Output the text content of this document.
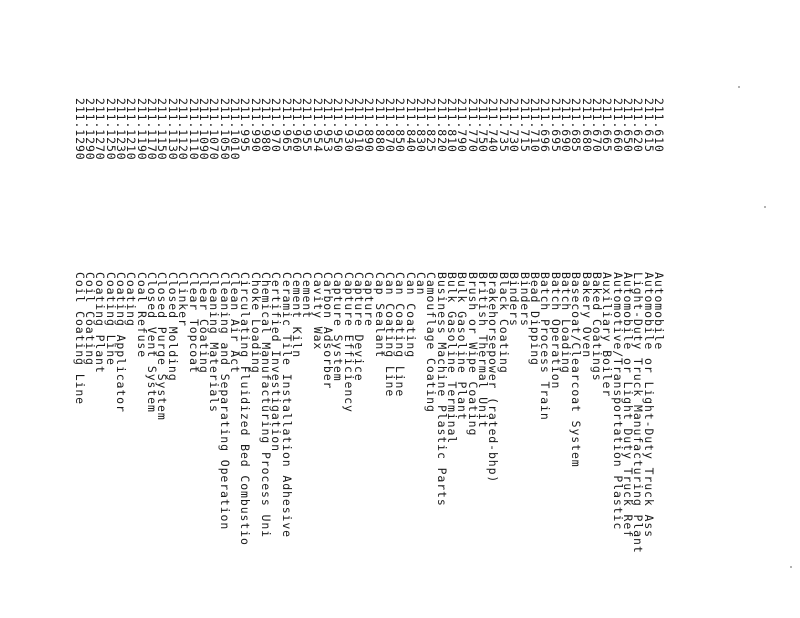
211.610Automobile
211.615Automobile or Light-Duty Truck Ass
211.620Light-Duty Truck Manufacturing Plant
211.650Automobile or Light Duty Truck Ref
211.660Automotive/Transportation Plastic
211.665Auxiliary Boiler
211.670Baked Coatings
211.680Bakery Oven
211.685Basecoat/Clearcoat System
211.690Batch Loading
211.695Batch Operation
211.696Batch Process Train
211.710Bead Dipping
211.715Binders
211.730Binders
211.735Black Coating
211.740Brakehorsepower (rated-bhp)
211.750British Thermal Unit
211.770Brush or Wipe Coating
211.790Bulk Gasoline Plant
211.810Bulk Gasoline Terminal
211.820Business Machine Plastic Parts
211.825Camouflage Coating
211.830Can
211.840Can Coating
211.850Can Coating Line
211.870Can Coating Line
211.880Cap Sealant
211.890Capture
211.910Capture Device
211.930Capture Efficiency
211.950Capture System
211.953Carbon Adsorber
211.954Cavity Wax
211.955Cement
211.960Cement Kiln
211.965Ceramic Tile Installation Adhesive
211.970Certified Investigation
211.980Chemical Manufacturing Process Uni
211.990Choke Loading
211.995Circulating Fluidized Bed Combustio
211.1010Clean Air Act
211.1050Cleaning and Separating Operation
211.1070Cleaning Materials
211.1090Clear Coating
211.1110Clear Topcoat
211.1120Clinker
211.1130Closed Molding
211.1150Closed Purge System
211.1170Closed Vent System
211.1190Coal Refuse
211.1210Coating
211.1230Coating Applicator
211.1250Coating Line
211.1270Coating Plant
211.1290Coil Coating
211.1290Coil Coating Line
